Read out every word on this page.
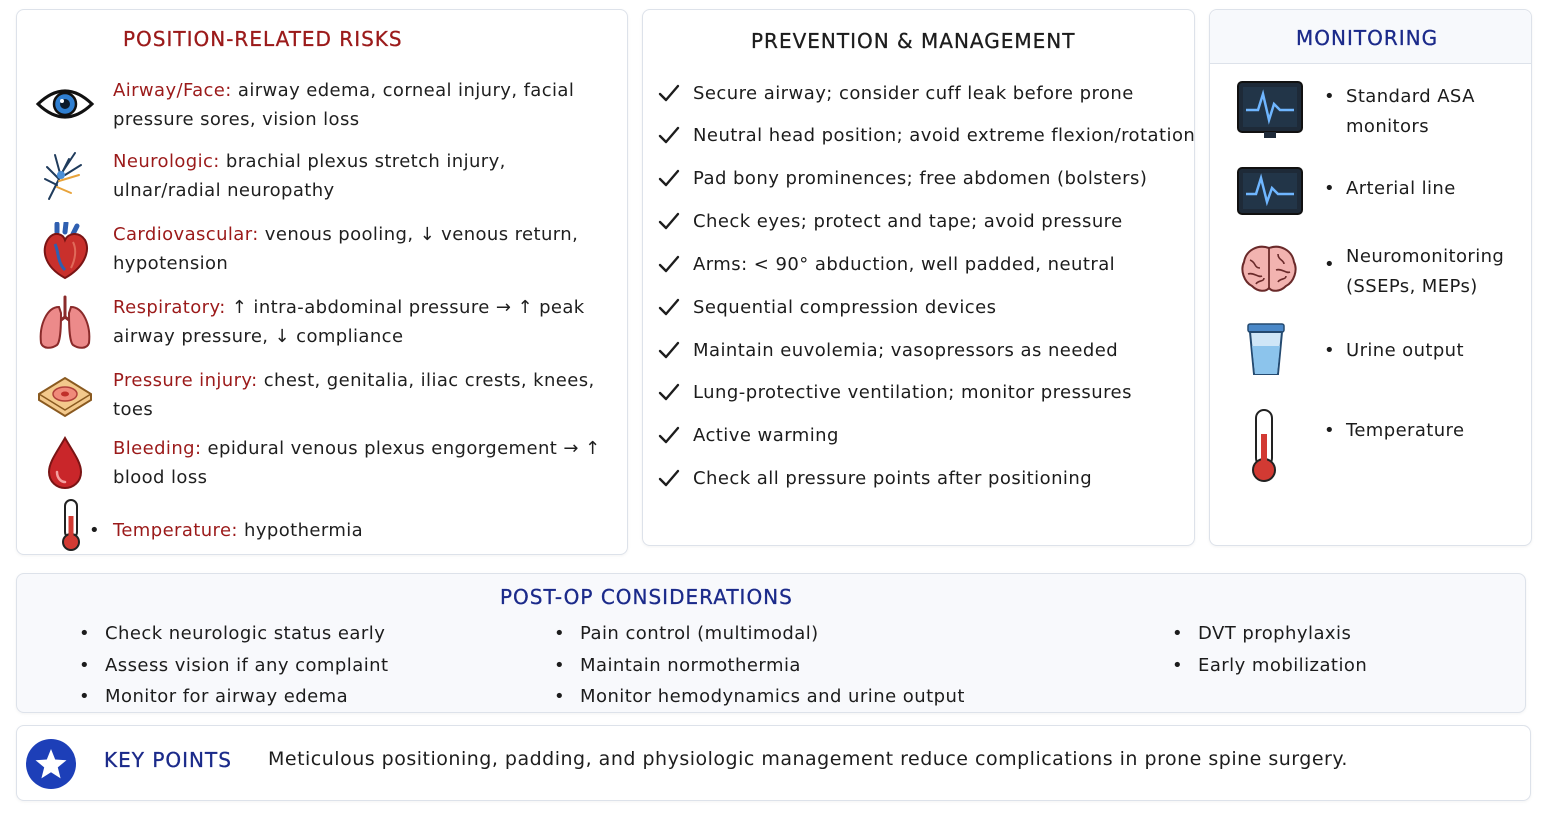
POSITION-RELATED RISKS
Airway/Face: airway edema, corneal injury, facial pressure sores, vision loss
Neurologic: brachial plexus stretch injury, ulnar/radial neuropathy
Cardiovascular: venous pooling, ↓ venous return, hypotension
Respiratory: ↑ intra-abdominal pressure → ↑ peak airway pressure, ↓ compliance
Pressure injury: chest, genitalia, iliac crests, knees, toes
Bleeding: epidural venous plexus engorgement → ↑ blood loss
• Temperature: hypothermia
PREVENTION & MANAGEMENT
Secure airway; consider cuff leak before prone
Neutral head position; avoid extreme flexion/rotation
Pad bony prominences; free abdomen (bolsters)
Check eyes; protect and tape; avoid pressure
Arms: < 90° abduction, well padded, neutral
Sequential compression devices
Maintain euvolemia; vasopressors as needed
Lung-protective ventilation; monitor pressures
Active warming
Check all pressure points after positioning
MONITORING
• Standard ASA monitors
• Arterial line
• Neuromonitoring (SSEPs, MEPs)
• Urine output
• Temperature
POST-OP CONSIDERATIONS
• Check neurologic status early
• Assess vision if any complaint
• Monitor for airway edema
• Pain control (multimodal)
• Maintain normothermia
• Monitor hemodynamics and urine output
• DVT prophylaxis
• Early mobilization
KEY POINTS Meticulous positioning, padding, and physiologic management reduce complications in prone spine surgery.
